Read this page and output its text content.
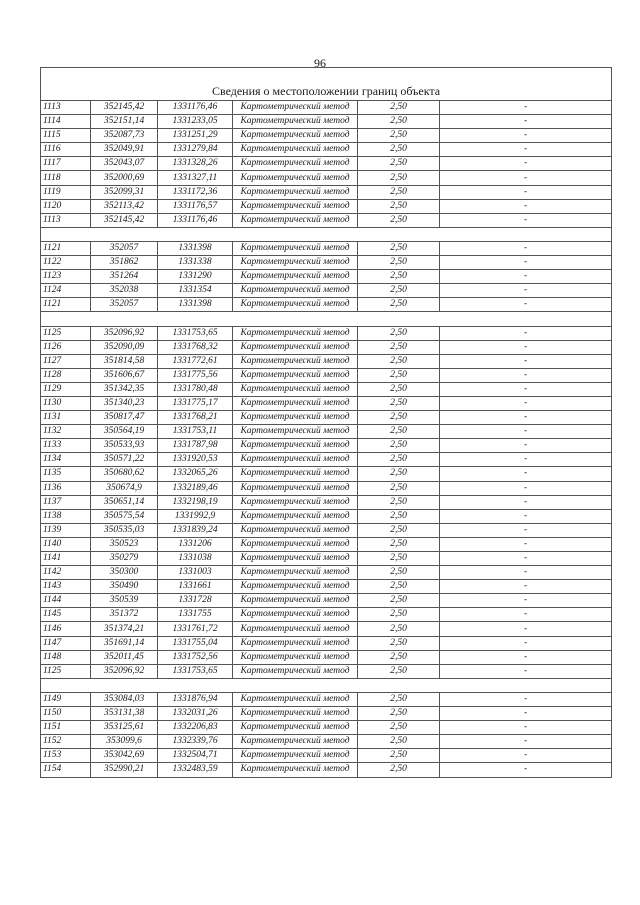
96
Сведения о местоположении границ объекта					
1113	352145,42	1331176,46	Картометрический метод	2,50	-
1114	352151,14	1331233,05	Картометрический метод	2,50	-
1115	352087,73	1331251,29	Картометрический метод	2,50	-
1116	352049,91	1331279,84	Картометрический метод	2,50	-
1117	352043,07	1331328,26	Картометрический метод	2,50	-
1118	352000,69	1331327,11	Картометрический метод	2,50	-
1119	352099,31	1331172,36	Картометрический метод	2,50	-
1120	352113,42	1331176,57	Картометрический метод	2,50	-
1113	352145,42	1331176,46	Картометрический метод	2,50	-

1121	352057	1331398	Картометрический метод	2,50	-
1122	351862	1331338	Картометрический метод	2,50	-
1123	351264	1331290	Картометрический метод	2,50	-
1124	352038	1331354	Картометрический метод	2,50	-
1121	352057	1331398	Картометрический метод	2,50	-

1125	352096,92	1331753,65	Картометрический метод	2,50	-
1126	352090,09	1331768,32	Картометрический метод	2,50	-
1127	351814,58	1331772,61	Картометрический метод	2,50	-
1128	351606,67	1331775,56	Картометрический метод	2,50	-
1129	351342,35	1331780,48	Картометрический метод	2,50	-
1130	351340,23	1331775,17	Картометрический метод	2,50	-
1131	350817,47	1331768,21	Картометрический метод	2,50	-
1132	350564,19	1331753,11	Картометрический метод	2,50	-
1133	350533,93	1331787,98	Картометрический метод	2,50	-
1134	350571,22	1331920,53	Картометрический метод	2,50	-
1135	350680,62	1332065,26	Картометрический метод	2,50	-
1136	350674,9	1332189,46	Картометрический метод	2,50	-
1137	350651,14	1332198,19	Картометрический метод	2,50	-
1138	350575,54	1331992,9	Картометрический метод	2,50	-
1139	350535,03	1331839,24	Картометрический метод	2,50	-
1140	350523	1331206	Картометрический метод	2,50	-
1141	350279	1331038	Картометрический метод	2,50	-
1142	350300	1331003	Картометрический метод	2,50	-
1143	350490	1331661	Картометрический метод	2,50	-
1144	350539	1331728	Картометрический метод	2,50	-
1145	351372	1331755	Картометрический метод	2,50	-
1146	351374,21	1331761,72	Картометрический метод	2,50	-
1147	351691,14	1331755,04	Картометрический метод	2,50	-
1148	352011,45	1331752,56	Картометрический метод	2,50	-
1125	352096,92	1331753,65	Картометрический метод	2,50	-

1149	353084,03	1331876,94	Картометрический метод	2,50	-
1150	353131,38	1332031,26	Картометрический метод	2,50	-
1151	353125,61	1332206,83	Картометрический метод	2,50	-
1152	353099,6	1332339,76	Картометрический метод	2,50	-
1153	353042,69	1332504,71	Картометрический метод	2,50	-
1154	352990,21	1332483,59	Картометрический метод	2,50	-
